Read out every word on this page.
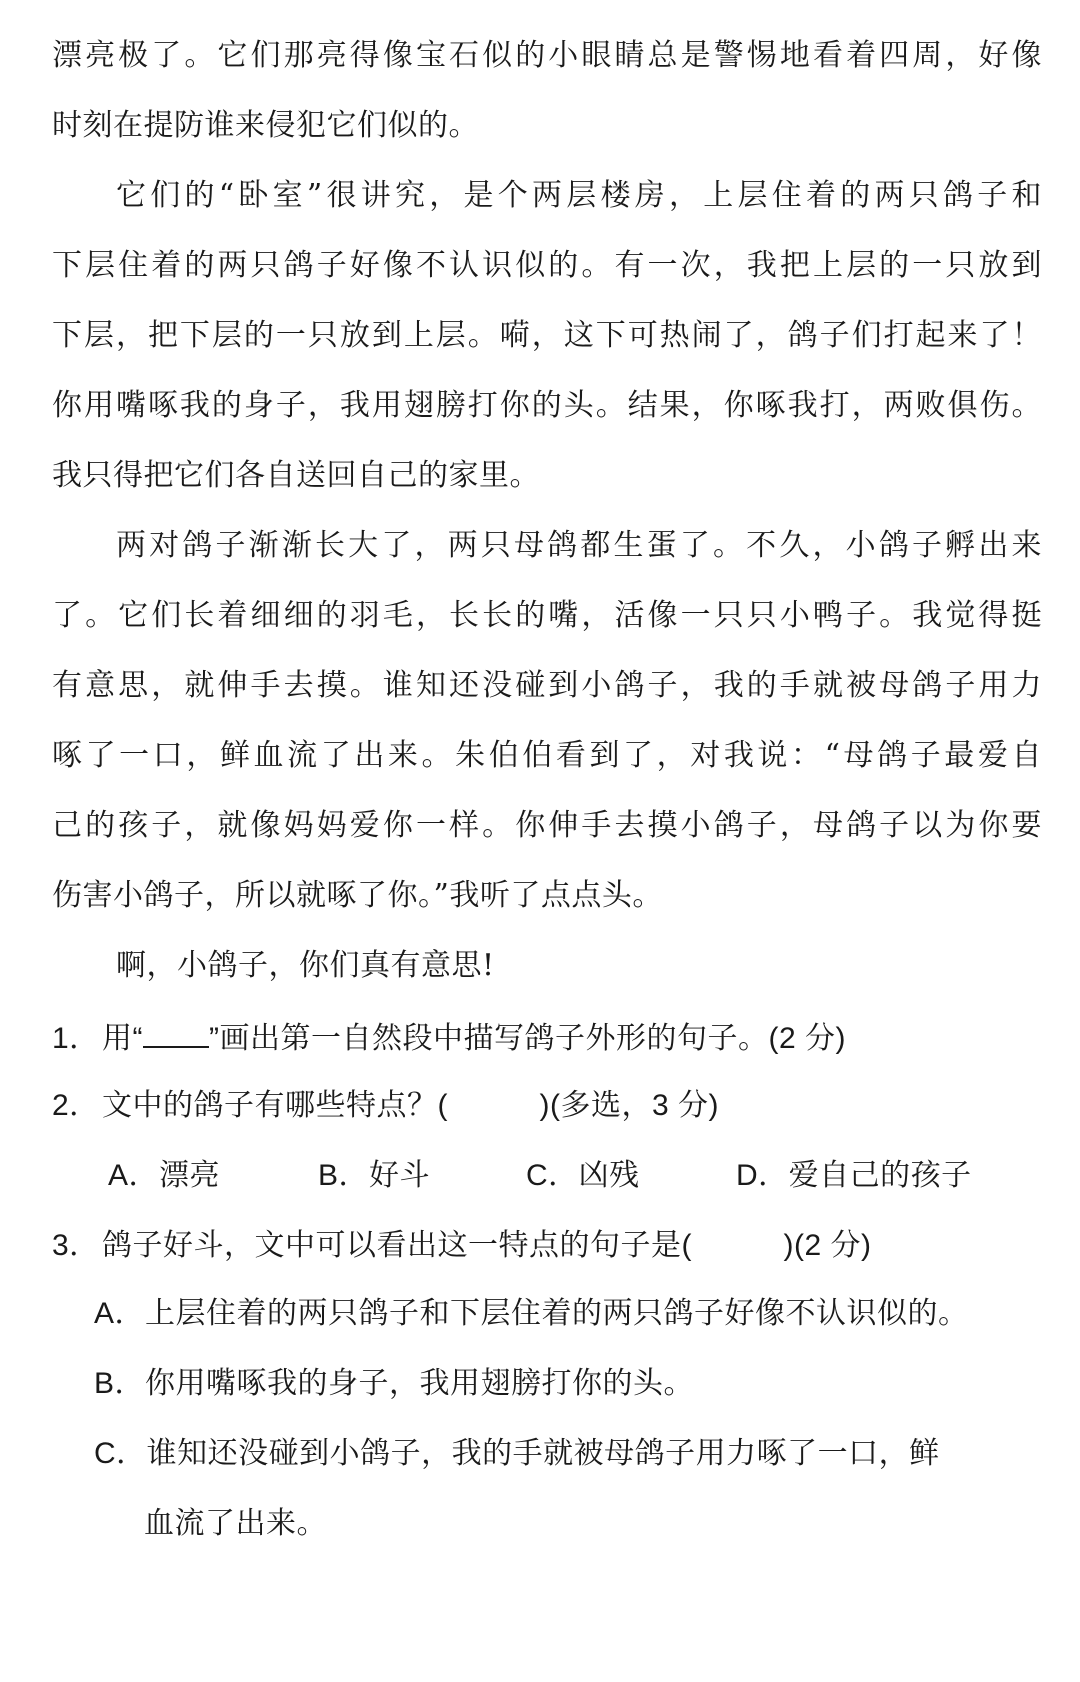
漂亮极了。它们那亮得像宝石似的小眼睛总是警惕地看着四周，好像
时刻在提防谁来侵犯它们似的。
它们的“卧室”很讲究，是个两层楼房，上层住着的两只鸽子和
下层住着的两只鸽子好像不认识似的。有一次，我把上层的一只放到
下层，把下层的一只放到上层。嗬，这下可热闹了，鸽子们打起来了！
你用嘴啄我的身子，我用翅膀打你的头。结果，你啄我打，两败俱伤。
我只得把它们各自送回自己的家里。
两对鸽子渐渐长大了，两只母鸽都生蛋了。不久，小鸽子孵出来
了。它们长着细细的羽毛，长长的嘴，活像一只只小鸭子。我觉得挺
有意思，就伸手去摸。谁知还没碰到小鸽子，我的手就被母鸽子用力
啄了一口，鲜血流了出来。朱伯伯看到了，对我说：“母鸽子最爱自
己的孩子，就像妈妈爱你一样。你伸手去摸小鸽子，母鸽子以为你要
伤害小鸽子，所以就啄了你。”我听了点点头。
啊，小鸽子，你们真有意思!
1．用“ ”画出第一自然段中描写鸽子外形的句子。(2 分)
2．文中的鸽子有哪些特点？(　　　)(多选，3 分)
A．漂亮	B．好斗	C．凶残	D．爱自己的孩子
3．鸽子好斗，文中可以看出这一特点的句子是(　　　)(2 分)
A．上层住着的两只鸽子和下层住着的两只鸽子好像不认识似的。
B．你用嘴啄我的身子，我用翅膀打你的头。
C．谁知还没碰到小鸽子，我的手就被母鸽子用力啄了一口，鲜
血流了出来。
